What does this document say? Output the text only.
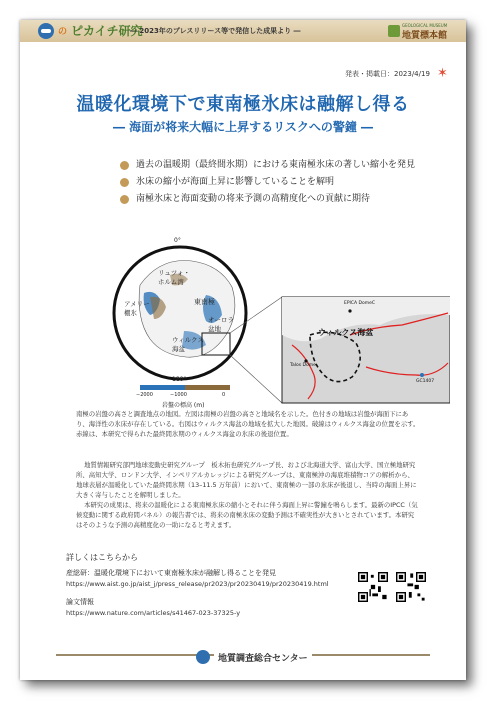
の ピカイチ研究
― 2023年のプレスリリース等で発信した成果より ―
GEOLOGICAL MUSEUM
地質標本館
発表・掲載日：2023/4/19 ✶
温暖化環境下で東南極氷床は融解し得る
― 海面が将来大幅に上昇するリスクへの警鐘 ―
過去の温暖期（最終間氷期）における東南極氷床の著しい縮小を発見
氷床の縮小が海面上昇に影響していることを解明
南極氷床と海面変動の将来予測の高精度化への貢献に期待
リュツォ・
ホルム湾
アメリー
棚氷
東南極
オーロラ
盆地
ウィルクス
海盆
0°
180°
−2000	−1000	0
岩盤の標高 (m)
ウィルクス海盆
EPICA DomeC
Talos Dome
GC1407
南極の岩盤の高さと調査地点の地図。左図は南極の岩盤の高さと地域名を示した。色付きの地域は岩盤が海面下にあり、海洋性の氷床が存在している。右図はウィルクス海盆の地域を拡大した地図。破線はウィルクス海盆の位置を示す。赤線は、本研究で得られた最終間氷期のウィルクス海盆の氷床の後退位置。
地質情報研究部門地球変動史研究グループ　板木拓也研究グループ長、および北海道大学、富山大学、国立極地研究所、高知大学、ロンドン大学、インペリアルカレッジによる研究グループは、東南極沖の海底堆積物コアの解析から、地球表層が温暖化していた最終間氷期（13–11.5 万年前）において、東南極の一部の氷床が後退し、当時の海面上昇に大きく寄与したことを解明しました。
本研究の成果は、将来の温暖化による東南極氷床の縮小とそれに伴う海面上昇に警鐘を鳴らします。最新のIPCC（気候変動に関する政府間パネル）の報告書では、将来の南極氷床の変動予測は不確実性が大きいとされています。本研究はそのような予測の高精度化の一助になると考えます。
詳しくはこちらから
産総研：温暖化環境下において東南極氷床が融解し得ることを発見
https://www.aist.go.jp/aist_j/press_release/pr2023/pr20230419/pr20230419.html
論文情報
https://www.nature.com/articles/s41467-023-37325-y
地質調査総合センター
